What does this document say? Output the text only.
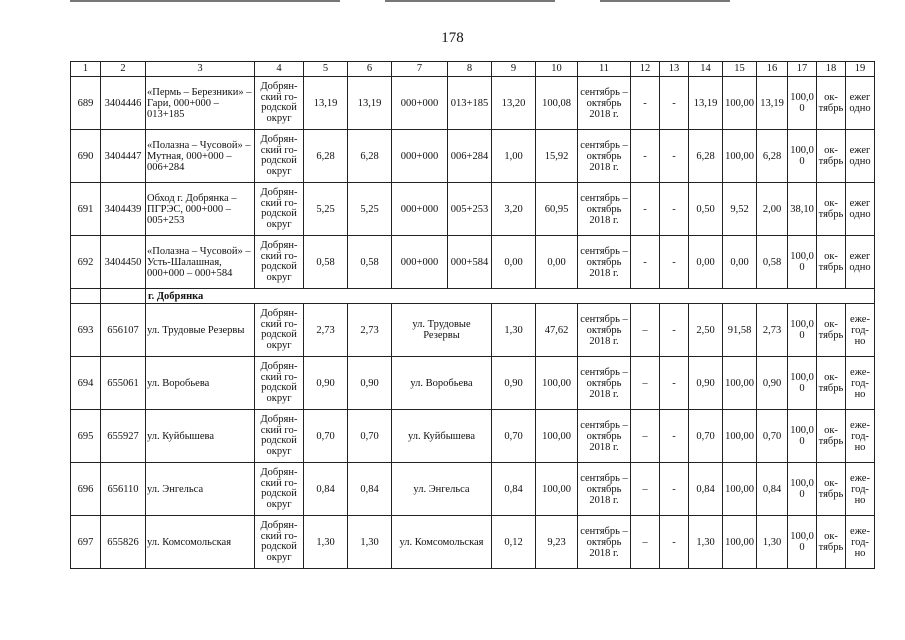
178
1	2	3	4	5	6	7	8	9	10	11	12	13	14	15	16	17	18	19
689	3404446	«Пермь – Березники» – Гари, 000+000 – 013+185	Добрян-ский го-родской округ	13,19	13,19	000+000	013+185	13,20	100,08	сентябрь – октябрь 2018 г.	-	-	13,19	100,00	13,19	100,0 0	ок-тябрь	ежег одно
690	3404447	«Полазна – Чусовой» – Мутная, 000+000 – 006+284	Добрян-ский го-родской округ	6,28	6,28	000+000	006+284	1,00	15,92	сентябрь – октябрь 2018 г.	-	-	6,28	100,00	6,28	100,0 0	ок-тябрь	ежег одно
691	3404439	Обход г. Добрянка – ПГРЭС, 000+000 – 005+253	Добрян-ский го-родской округ	5,25	5,25	000+000	005+253	3,20	60,95	сентябрь – октябрь 2018 г.	-	-	0,50	9,52	2,00	38,10	ок-тябрь	ежег одно
692	3404450	«Полазна – Чусовой» – Усть-Шалашная, 000+000 – 000+584	Добрян-ский го-родской округ	0,58	0,58	000+000	000+584	0,00	0,00	сентябрь – октябрь 2018 г.	-	-	0,00	0,00	0,58	100,0 0	ок-тябрь	ежег одно
		г. Добрянка																
693	656107	ул. Трудовые Резервы	Добрян-ский го-родской округ	2,73	2,73	ул. Трудовые Резервы		1,30	47,62	сентябрь – октябрь 2018 г.	–	-	2,50	91,58	2,73	100,0 0	ок-тябрь	еже-год-но
694	655061	ул. Воробьева	Добрян-ский го-родской округ	0,90	0,90	ул. Воробьева		0,90	100,00	сентябрь – октябрь 2018 г.	–	-	0,90	100,00	0,90	100,0 0	ок-тябрь	еже-год-но
695	655927	ул. Куйбышева	Добрян-ский го-родской округ	0,70	0,70	ул. Куйбышева		0,70	100,00	сентябрь – октябрь 2018 г.	–	-	0,70	100,00	0,70	100,0 0	ок-тябрь	еже-год-но
696	656110	ул. Энгельса	Добрян-ский го-родской округ	0,84	0,84	ул. Энгельса		0,84	100,00	сентябрь – октябрь 2018 г.	–	-	0,84	100,00	0,84	100,0 0	ок-тябрь	еже-год-но
697	655826	ул. Комсомольская	Добрян-ский го-родской округ	1,30	1,30	ул. Комсомольская		0,12	9,23	сентябрь – октябрь 2018 г.	–	-	1,30	100,00	1,30	100,0 0	ок-тябрь	еже-год-но
